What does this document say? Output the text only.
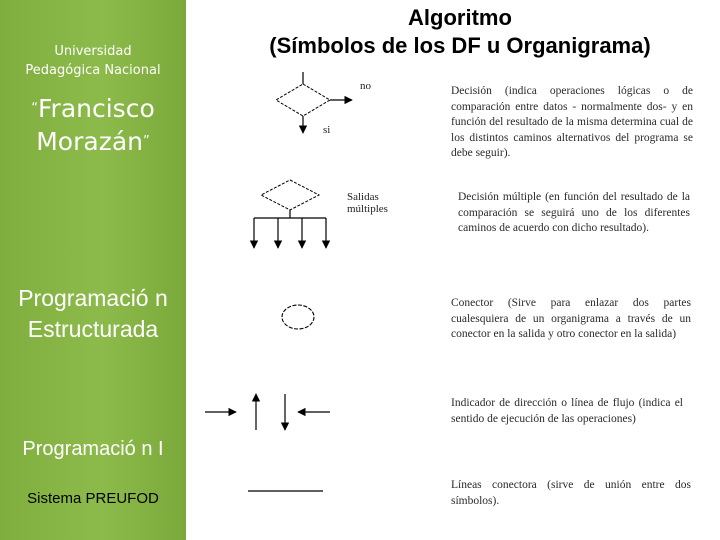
Universidad
Pedagógica Nacional
“Francisco
Morazán”
Programació n Estructurada
Programació n I
Sistema PREUFOD
Algoritmo
(Símbolos de los DF u Organigrama)
no
si
Salidas
múltiples
Decisión (indica operaciones lógicas o de comparación entre datos - normalmente dos- y en función del resultado de la misma determina cual de los distintos caminos alternativos del programa se debe seguir).
Decisión múltiple (en función del resultado de la comparación se seguirá uno de los diferentes caminos de acuerdo con dicho resultado).
Conector (Sirve para enlazar dos partes cualesquiera de un organigrama a través de un conector en la salida y otro conector en la salida)
Indicador de dirección o línea de flujo (indica el sentido de ejecución de las operaciones)
Líneas conectora (sirve de unión entre dos símbolos).
